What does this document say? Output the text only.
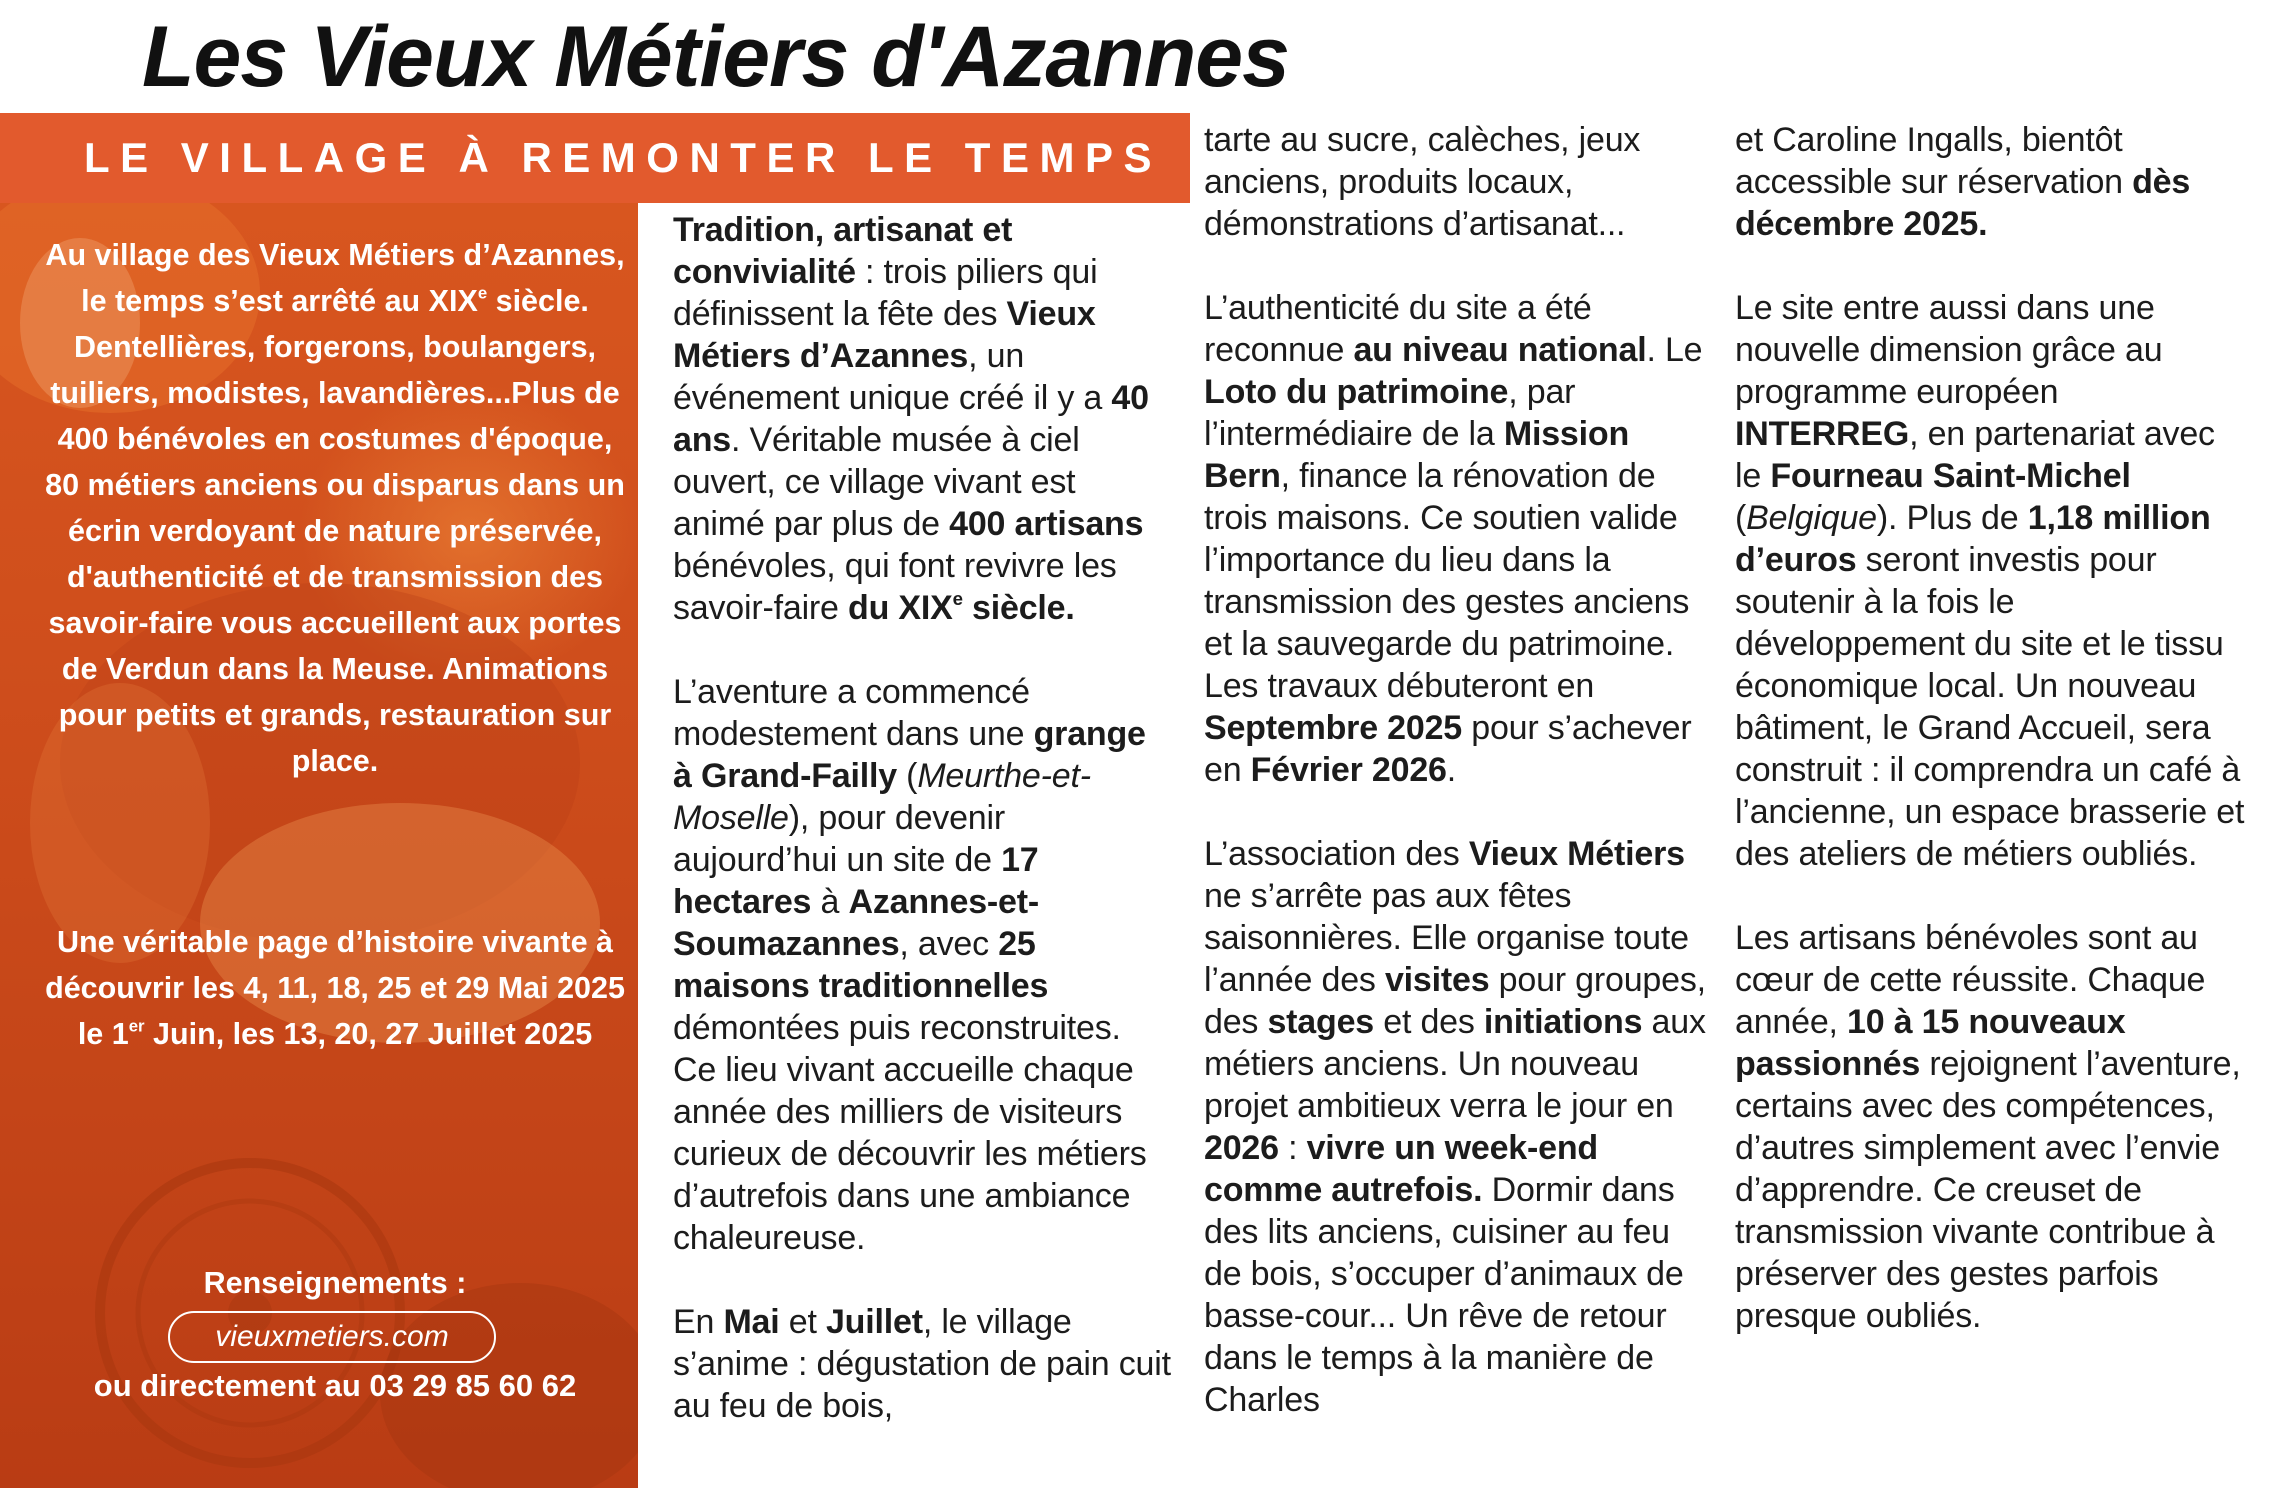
Les Vieux Métiers d'Azannes
LE VILLAGE À REMONTER LE TEMPS
Au village des Vieux Métiers d’Azannes, le temps s’est arrêté au XIXe siècle. Dentellières, forgerons, boulangers, tuiliers, modistes, lavandières...Plus de 400 bénévoles en costumes d'époque, 80 métiers anciens ou disparus dans un écrin verdoyant de nature préservée, d'authenticité et de transmission des savoir-faire vous accueillent aux portes de Verdun dans la Meuse. Animations pour petits et grands, restauration sur place.
Une véritable page d’histoire vivante à découvrir les 4, 11, 18, 25 et 29 Mai 2025
le 1er Juin, les 13, 20, 27 Juillet 2025
Renseignements :
vieuxmetiers.com
ou directement au 03 29 85 60 62

Tradition, artisanat et convivialité : trois piliers qui définissent la fête des Vieux Métiers d’Azannes, un événement unique créé il y a 40 ans. Véritable musée à ciel ouvert, ce village vivant est animé par plus de 400 artisans bénévoles, qui font revivre les savoir-faire du XIXe siècle.

L’aventure a commencé modestement dans une grange à Grand-Failly (Meurthe-et-Moselle), pour devenir aujourd’hui un site de 17 hectares à Azannes-et-Soumazannes, avec 25 maisons traditionnelles démontées puis reconstruites. Ce lieu vivant accueille chaque année des milliers de visiteurs curieux de découvrir les métiers d’autrefois dans une ambiance chaleureuse.

En Mai et Juillet, le village s’anime : dégustation de pain cuit au feu de bois,

tarte au sucre, calèches, jeux anciens, produits locaux, démonstrations d’artisanat...

L’authenticité du site a été reconnue au niveau national. Le Loto du patrimoine, par l’intermédiaire de la Mission Bern, finance la rénovation de trois maisons. Ce soutien valide l’importance du lieu dans la transmission des gestes anciens et la sauvegarde du patrimoine. Les travaux débuteront en Septembre 2025 pour s’achever en Février 2026.

L’association des Vieux Métiers ne s’arrête pas aux fêtes saisonnières. Elle organise toute l’année des visites pour groupes, des stages et des initiations aux métiers anciens. Un nouveau projet ambitieux verra le jour en 2026 : vivre un week-end comme autrefois. Dormir dans des lits anciens, cuisiner au feu de bois, s’occuper d’animaux de basse-cour... Un rêve de retour dans le temps à la manière de Charles

et Caroline Ingalls, bientôt accessible sur réservation dès décembre 2025.

Le site entre aussi dans une nouvelle dimension grâce au programme européen INTERREG, en partenariat avec le Fourneau Saint-Michel (Belgique). Plus de 1,18 million d’euros seront investis pour soutenir à la fois le développement du site et le tissu économique local. Un nouveau bâtiment, le Grand Accueil, sera construit : il comprendra un café à l’ancienne, un espace brasserie et des ateliers de métiers oubliés.

Les artisans bénévoles sont au cœur de cette réussite. Chaque année, 10 à 15 nouveaux passionnés rejoignent l’aventure, certains avec des compétences, d’autres simplement avec l’envie d’apprendre. Ce creuset de transmission vivante contribue à préserver des gestes parfois presque oubliés.
